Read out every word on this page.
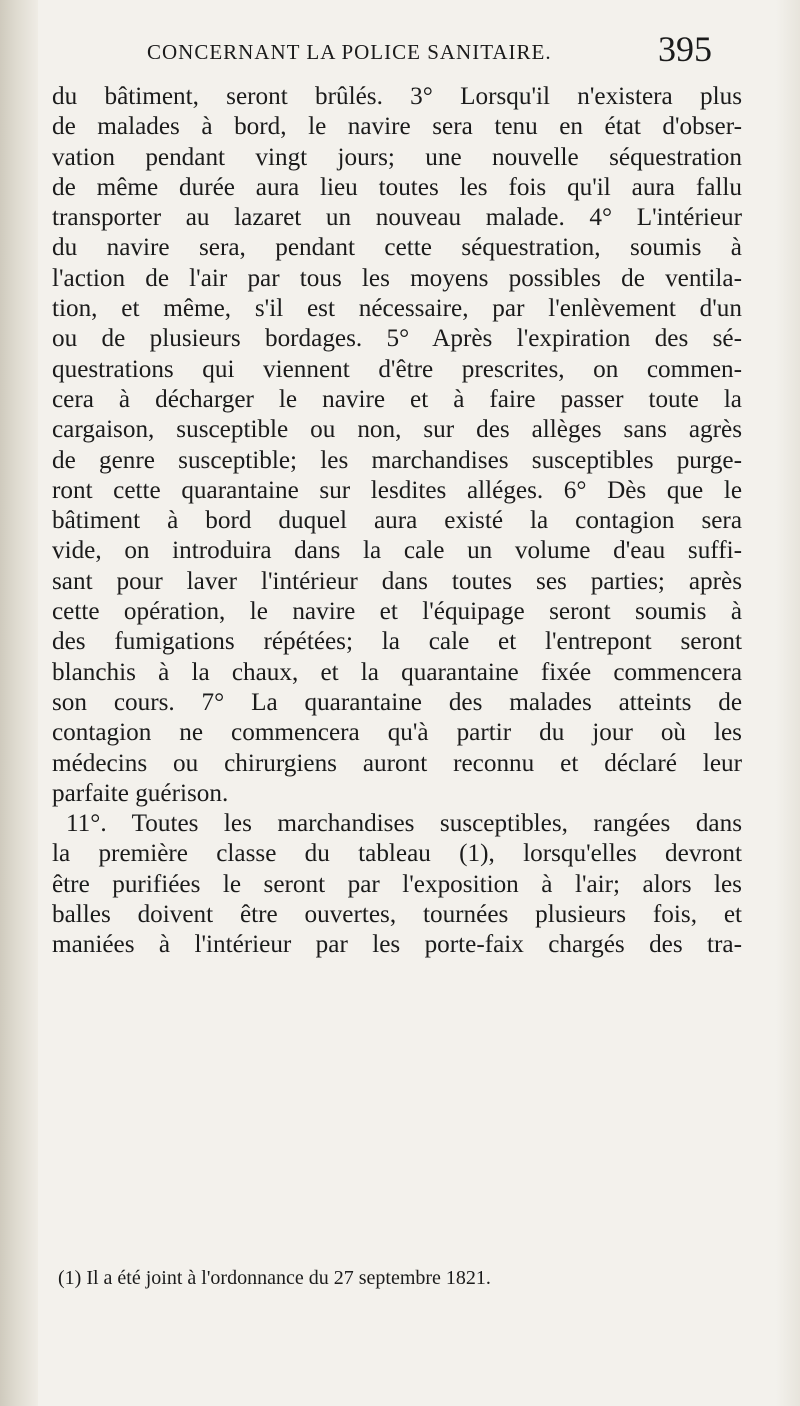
CONCERNANT LA POLICE SANITAIRE.	395
du bâtiment, seront brûlés. 3° Lorsqu'il n'existera plus
de malades à bord, le navire sera tenu en état d'obser-
vation pendant vingt jours; une nouvelle séquestration
de même durée aura lieu toutes les fois qu'il aura fallu
transporter au lazaret un nouveau malade. 4° L'intérieur
du navire sera, pendant cette séquestration, soumis à
l'action de l'air par tous les moyens possibles de ventila-
tion, et même, s'il est nécessaire, par l'enlèvement d'un
ou de plusieurs bordages. 5° Après l'expiration des sé-
questrations qui viennent d'être prescrites, on commen-
cera à décharger le navire et à faire passer toute la
cargaison, susceptible ou non, sur des allèges sans agrès
de genre susceptible; les marchandises susceptibles purge-
ront cette quarantaine sur lesdites alléges. 6° Dès que le
bâtiment à bord duquel aura existé la contagion sera
vide, on introduira dans la cale un volume d'eau suffi-
sant pour laver l'intérieur dans toutes ses parties; après
cette opération, le navire et l'équipage seront soumis à
des fumigations répétées; la cale et l'entrepont seront
blanchis à la chaux, et la quarantaine fixée commencera
son cours. 7° La quarantaine des malades atteints de
contagion ne commencera qu'à partir du jour où les
médecins ou chirurgiens auront reconnu et déclaré leur
parfaite guérison.
11°. Toutes les marchandises susceptibles, rangées dans
la première classe du tableau (1), lorsqu'elles devront
être purifiées le seront par l'exposition à l'air; alors les
balles doivent être ouvertes, tournées plusieurs fois, et
maniées à l'intérieur par les porte-faix chargés des tra-
(1) Il a été joint à l'ordonnance du 27 septembre 1821.
